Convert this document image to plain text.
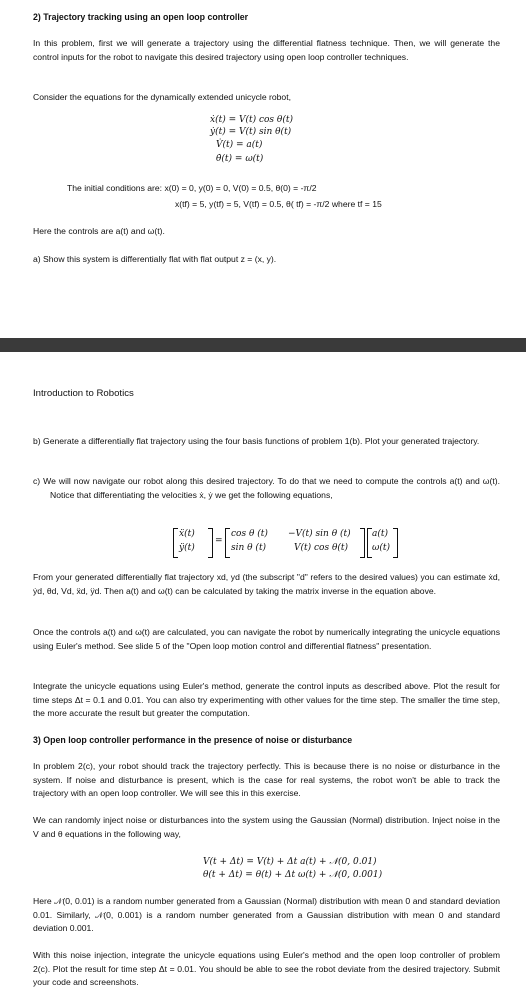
2) Trajectory tracking using an open loop controller
In this problem, first we will generate a trajectory using the differential flatness technique. Then, we will generate the control inputs for the robot to navigate this desired trajectory using open loop controller techniques.
Consider the equations for the dynamically extended unicycle robot,
ẋ(t) = V(t) cos θ(t)
ẏ(t) = V(t) sin θ(t)
V̇(t) = a(t)
θ̇(t) = ω(t)
The initial conditions are: x(0) = 0, y(0) = 0, V(0) = 0.5, θ(0) = -π/2
x(tf) = 5, y(tf) = 5, V(tf) = 0.5, θ( tf) = -π/2 where tf = 15
Here the controls are a(t) and ω(t).
a) Show this system is differentially flat with flat output z = (x, y).
Introduction to Robotics
b) Generate a differentially flat trajectory using the four basis functions of problem 1(b). Plot your generated trajectory.
c) We will now navigate our robot along this desired trajectory. To do that we need to compute the controls a(t) and ω(t). Notice that differentiating the velocities ẋ, ẏ we get the following equations,
ẍ(t)
ÿ(t)
=
cos θ (t) −V(t) sin θ (t)
sin θ (t)	V(t) cos θ(t)
a(t)
ω(t)
From your generated differentially flat trajectory xd, yd (the subscript "d" refers to the desired values) you can estimate ẋd, ẏd, θd, Vd, ẍd, ÿd. Then a(t) and ω(t) can be calculated by taking the matrix inverse in the equation above.
Once the controls a(t) and ω(t) are calculated, you can navigate the robot by numerically integrating the unicycle equations using Euler's method. See slide 5 of the "Open loop motion control and differential flatness" presentation.
Integrate the unicycle equations using Euler's method, generate the control inputs as described above. Plot the result for time steps Δt = 0.1 and 0.01. You can also try experimenting with other values for the time step. The smaller the time step, the more accurate the result but greater the computation.
3) Open loop controller performance in the presence of noise or disturbance
In problem 2(c), your robot should track the trajectory perfectly. This is because there is no noise or disturbance in the system. If noise and disturbance is present, which is the case for real systems, the robot won't be able to track the trajectory with an open loop controller. We will see this in this exercise.
We can randomly inject noise or disturbances into the system using the Gaussian (Normal) distribution. Inject noise in the V and θ equations in the following way,
V(t + Δt) = V(t) + Δt a(t) + 𝒩(0, 0.01)
θ(t + Δt) = θ(t) + Δt ω(t) + 𝒩(0, 0.001)
Here 𝒩(0, 0.01) is a random number generated from a Gaussian (Normal) distribution with mean 0 and standard deviation 0.01. Similarly, 𝒩(0, 0.001) is a random number generated from a Gaussian distribution with mean 0 and standard deviation 0.001.
With this noise injection, integrate the unicycle equations using Euler's method and the open loop controller of problem 2(c). Plot the result for time step Δt = 0.01. You should be able to see the robot deviate from the desired trajectory. Submit your code and screenshots.
